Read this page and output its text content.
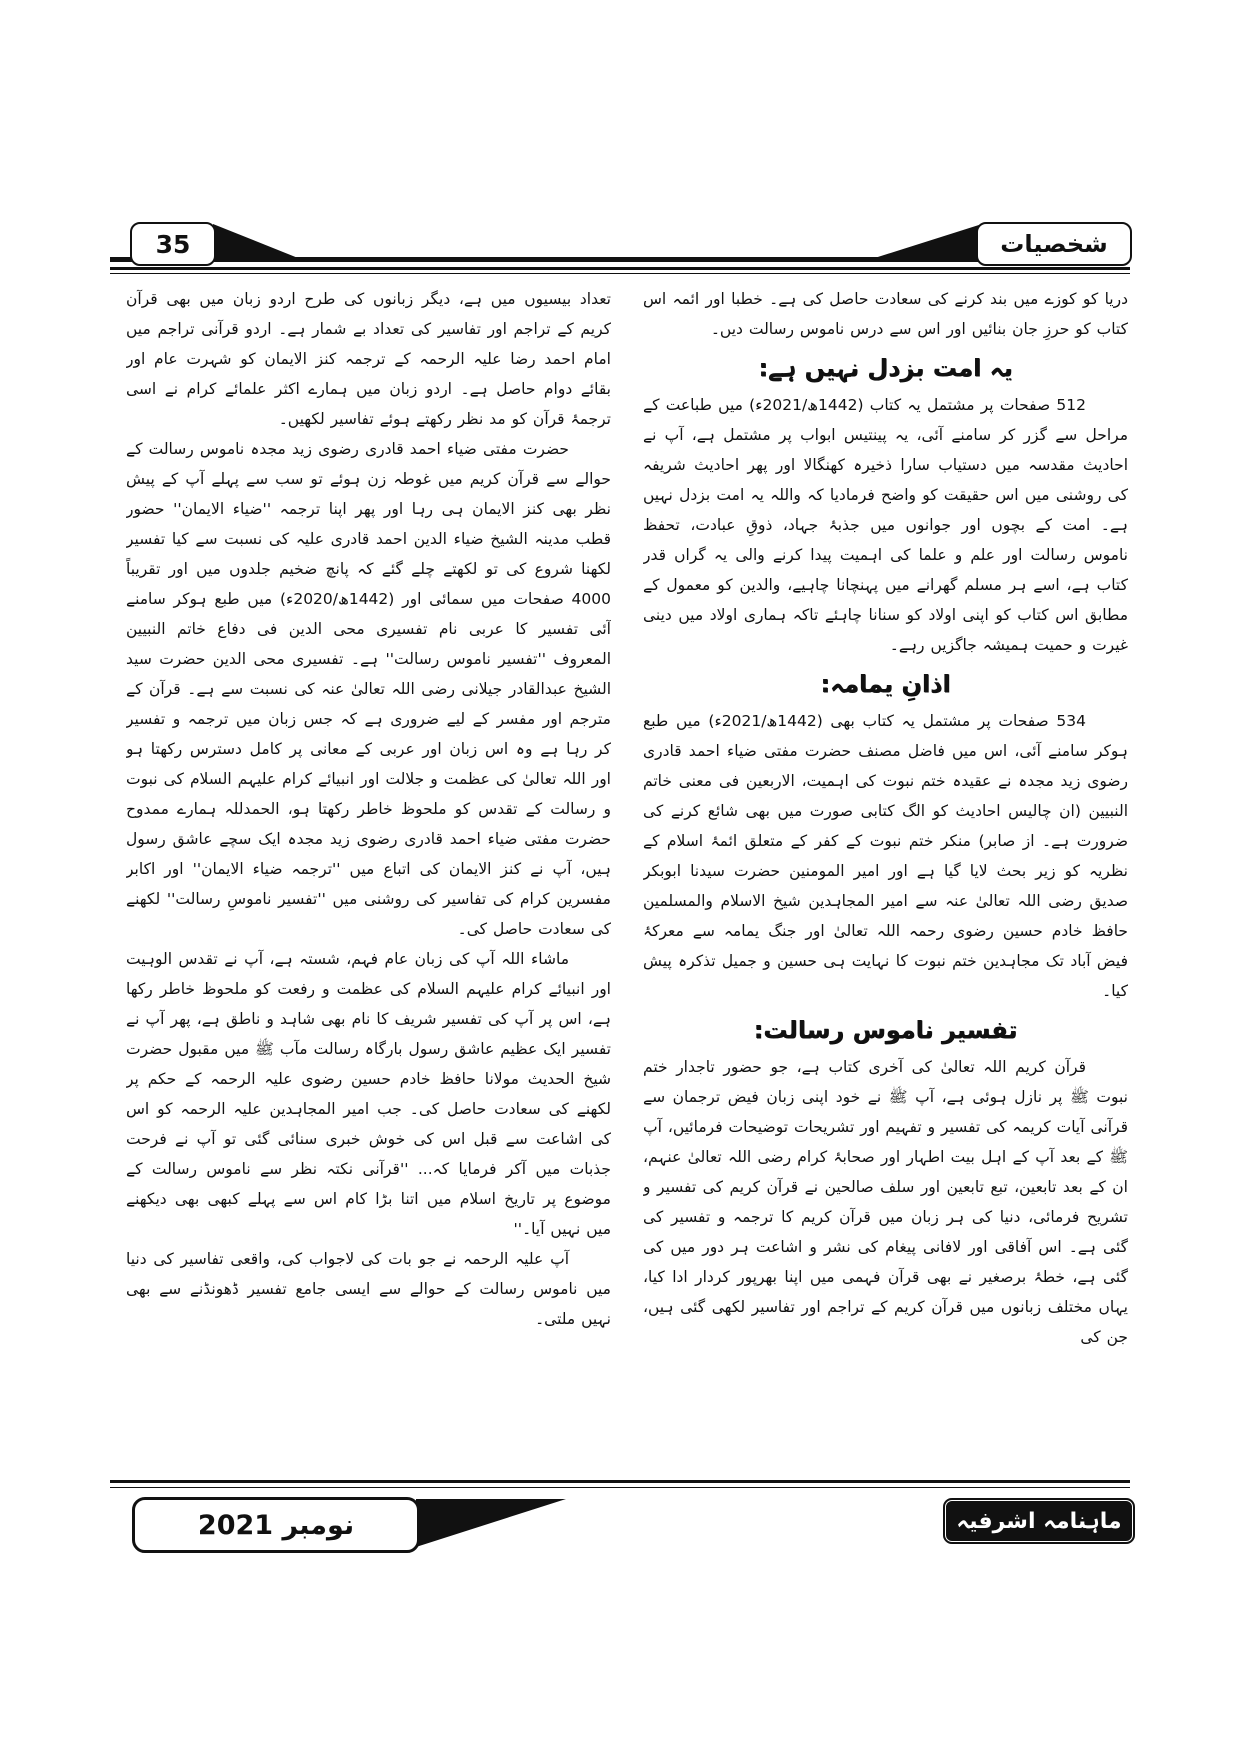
35	شخصيات

دریا کو کوزے میں بند کرنے کی سعادت حاصل کی ہے۔ خطبا اور ائمہ اس کتاب کو حرزِ جان بنائیں اور اس سے درس ناموس رسالت دیں۔

یہ امت بزدل نہیں ہے:

512 صفحات پر مشتمل یہ کتاب (1442ھ/2021ء) میں طباعت کے مراحل سے گزر کر سامنے آئی، یہ پینتیس ابواب پر مشتمل ہے، آپ نے احادیث مقدسہ میں دستیاب سارا ذخیرہ کھنگالا اور پھر احادیث شریفہ کی روشنی میں اس حقیقت کو واضح فرمادیا کہ واللہ یہ امت بزدل نہیں ہے۔ امت کے بچوں اور جوانوں میں جذبۂ جہاد، ذوقِ عبادت، تحفظ ناموس رسالت اور علم و علما کی اہمیت پیدا کرنے والی یہ گراں قدر کتاب ہے، اسے ہر مسلم گھرانے میں پہنچانا چاہیے، والدین کو معمول کے مطابق اس کتاب کو اپنی اولاد کو سنانا چاہئے تاکہ ہماری اولاد میں دینی غیرت و حمیت ہمیشہ جاگزیں رہے۔

اذانِ یمامہ:

534 صفحات پر مشتمل یہ کتاب بھی (1442ھ/2021ء) میں طبع ہوکر سامنے آئی، اس میں فاضل مصنف حضرت مفتی ضیاء احمد قادری رضوی زید مجدہ نے عقیدہ ختم نبوت کی اہمیت، الاربعین فی معنی خاتم النبیین (ان چالیس احادیث کو الگ کتابی صورت میں بھی شائع کرنے کی ضرورت ہے۔ از صابر) منکر ختم نبوت کے کفر کے متعلق ائمۂ اسلام کے نظریہ کو زیر بحث لایا گیا ہے اور امیر المومنین حضرت سیدنا ابوبکر صدیق رضی اللہ تعالیٰ عنہ سے امیر المجاہدین شیخ الاسلام والمسلمین حافظ خادم حسین رضوی رحمہ اللہ تعالیٰ اور جنگ یمامہ سے معرکۂ فیض آباد تک مجاہدین ختم نبوت کا نہایت ہی حسین و جمیل تذکرہ پیش کیا۔

تفسیر ناموس رسالت:

قرآن کریم اللہ تعالیٰ کی آخری کتاب ہے، جو حضور تاجدار ختم نبوت ﷺ پر نازل ہوئی ہے، آپ ﷺ نے خود اپنی زبان فیض ترجمان سے قرآنی آیات کریمہ کی تفسیر و تفہیم اور تشریحات توضیحات فرمائیں، آپ ﷺ کے بعد آپ کے اہل بیت اطہار اور صحابۂ کرام رضی اللہ تعالیٰ عنہم، ان کے بعد تابعین، تبع تابعین اور سلف صالحین نے قرآن کریم کی تفسیر و تشریح فرمائی، دنیا کی ہر زبان میں قرآن کریم کا ترجمہ و تفسیر کی گئی ہے۔ اس آفاقی اور لافانی پیغام کی نشر و اشاعت ہر دور میں کی گئی ہے، خطۂ برصغیر نے بھی قرآن فہمی میں اپنا بھرپور کردار ادا کیا، یہاں مختلف زبانوں میں قرآن کریم کے تراجم اور تفاسیر لکھی گئی ہیں، جن کی

تعداد بیسیوں میں ہے، دیگر زبانوں کی طرح اردو زبان میں بھی قرآن کریم کے تراجم اور تفاسیر کی تعداد بے شمار ہے۔ اردو قرآنی تراجم میں امام احمد رضا علیہ الرحمہ کے ترجمہ کنز الایمان کو شہرت عام اور بقائے دوام حاصل ہے۔ اردو زبان میں ہمارے اکثر علمائے کرام نے اسی ترجمۂ قرآن کو مد نظر رکھتے ہوئے تفاسیر لکھیں۔

حضرت مفتی ضیاء احمد قادری رضوی زید مجدہ ناموس رسالت کے حوالے سے قرآن کریم میں غوطہ زن ہوئے تو سب سے پہلے آپ کے پیش نظر بھی کنز الایمان ہی رہا اور پھر اپنا ترجمہ ''ضیاء الایمان'' حضور قطب مدینہ الشیخ ضیاء الدین احمد قادری علیہ کی نسبت سے کیا تفسیر لکھنا شروع کی تو لکھتے چلے گئے کہ پانچ ضخیم جلدوں میں اور تقریباً 4000 صفحات میں سمائی اور (1442ھ/2020ء) میں طبع ہوکر سامنے آئی تفسیر کا عربی نام تفسیری محی الدین فی دفاع خاتم النبیین المعروف ''تفسیر ناموس رسالت'' ہے۔ تفسیری محی الدین حضرت سید الشیخ عبدالقادر جیلانی رضی اللہ تعالیٰ عنہ کی نسبت سے ہے۔ قرآن کے مترجم اور مفسر کے لیے ضروری ہے کہ جس زبان میں ترجمہ و تفسیر کر رہا ہے وہ اس زبان اور عربی کے معانی پر کامل دسترس رکھتا ہو اور اللہ تعالیٰ کی عظمت و جلالت اور انبیائے کرام علیہم السلام کی نبوت و رسالت کے تقدس کو ملحوظ خاطر رکھتا ہو، الحمدللہ ہمارے ممدوح حضرت مفتی ضیاء احمد قادری رضوی زید مجدہ ایک سچے عاشق رسول ہیں، آپ نے کنز الایمان کی اتباع میں ''ترجمہ ضیاء الایمان'' اور اکابر مفسرین کرام کی تفاسیر کی روشنی میں ''تفسیر ناموسِ رسالت'' لکھنے کی سعادت حاصل کی۔

ماشاء اللہ آپ کی زبان عام فہم، شستہ ہے، آپ نے تقدس الوہیت اور انبیائے کرام علیہم السلام کی عظمت و رفعت کو ملحوظ خاطر رکھا ہے، اس پر آپ کی تفسیر شریف کا نام بھی شاہد و ناطق ہے، پھر آپ نے تفسیر ایک عظیم عاشق رسول بارگاہ رسالت مآب ﷺ میں مقبول حضرت شیخ الحدیث مولانا حافظ خادم حسین رضوی علیہ الرحمہ کے حکم پر لکھنے کی سعادت حاصل کی۔ جب امیر المجاہدین علیہ الرحمہ کو اس کی اشاعت سے قبل اس کی خوش خبری سنائی گئی تو آپ نے فرحت جذبات میں آکر فرمایا کہ... ''قرآنی نکتہ نظر سے ناموس رسالت کے موضوع پر تاریخ اسلام میں اتنا بڑا کام اس سے پہلے کبھی بھی دیکھنے میں نہیں آیا۔''

آپ علیہ الرحمہ نے جو بات کی لاجواب کی، واقعی تفاسیر کی دنیا میں ناموس رسالت کے حوالے سے ایسی جامع تفسیر ڈھونڈنے سے بھی نہیں ملتی۔

نومبر 2021	ماہنامہ اشرفیہ
